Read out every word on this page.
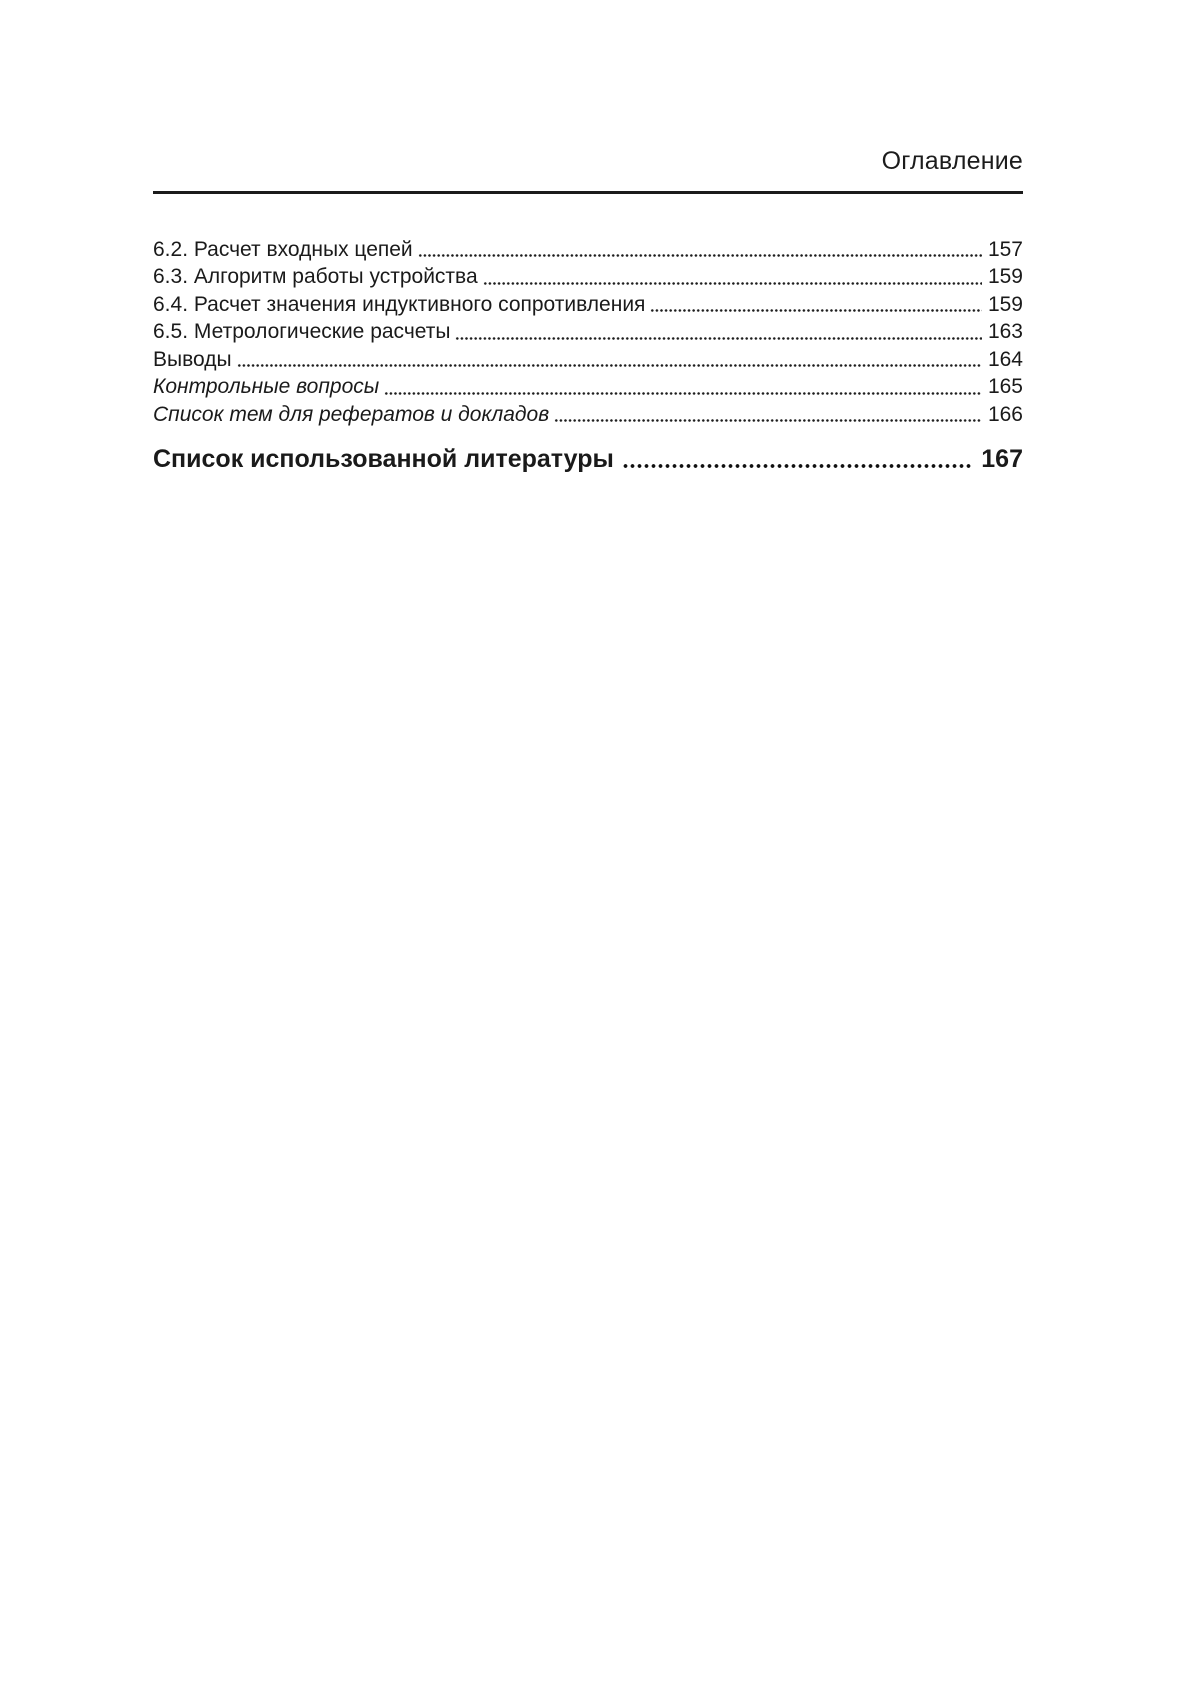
Оглавление
6.2. Расчет входных цепей	157
6.3. Алгоритм работы устройства	159
6.4. Расчет значения индуктивного сопротивления	159
6.5. Метрологические расчеты	163
Выводы	164
Контрольные вопросы	165
Список тем для рефератов и докладов	166
Список использованной литературы	167
